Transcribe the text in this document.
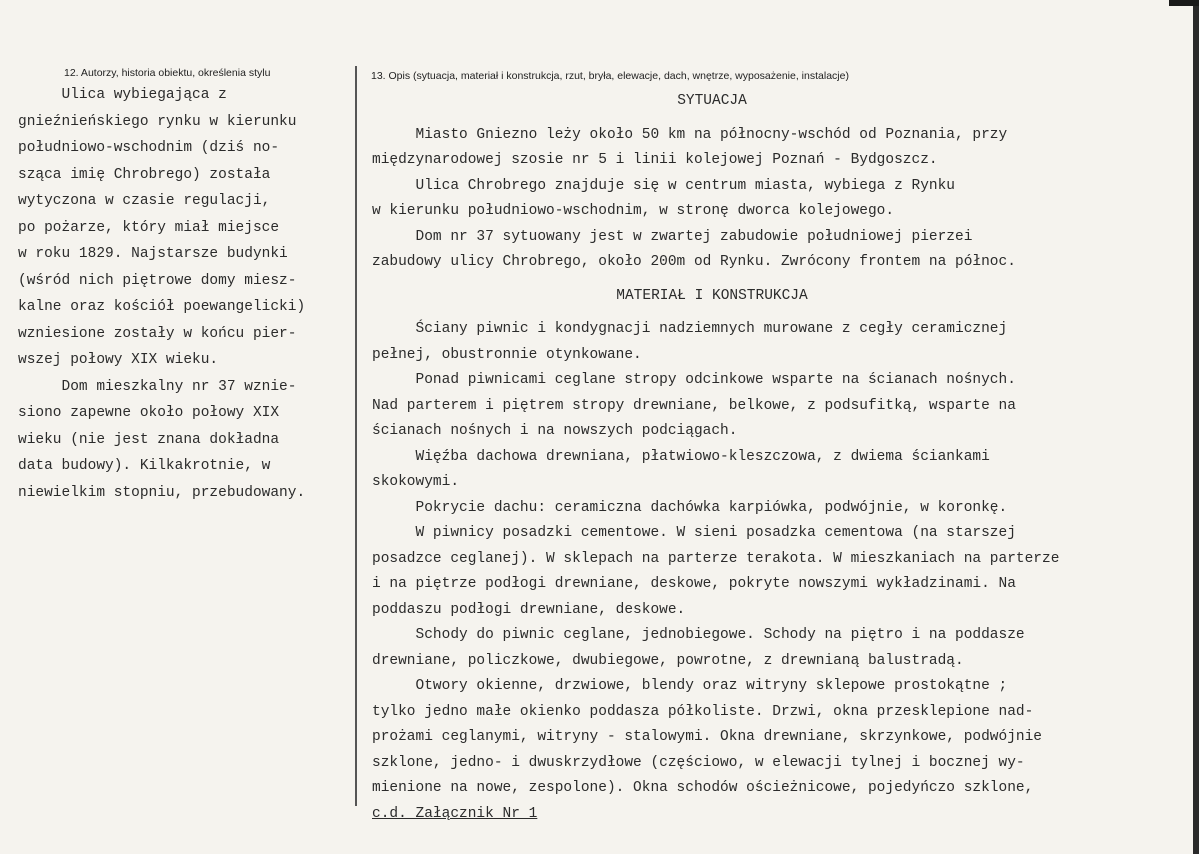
12. Autorzy, historia obiektu, określenia stylu	13. Opis (sytuacja, materiał i konstrukcja, rzut, bryła, elewacje, dach, wnętrze, wyposażenie, instalacje)
Ulica wybiegająca z
gnieźnieńskiego rynku w kierunku
południowo-wschodnim (dziś no-
sząca imię Chrobrego) została
wytyczona w czasie regulacji,
po pożarze, który miał miejsce
w roku 1829. Najstarsze budynki
(wśród nich piętrowe domy miesz-
kalne oraz kościół poewangelicki)
wzniesione zostały w końcu pier-
wszej połowy XIX wieku.
Dom mieszkalny nr 37 wznie-
siono zapewne około połowy XIX
wieku (nie jest znana dokładna
data budowy). Kilkakrotnie, w
niewielkim stopniu, przebudowany.
SYTUACJA
Miasto Gniezno leży około 50 km na północny-wschód od Poznania, przy
międzynarodowej szosie nr 5 i linii kolejowej Poznań - Bydgoszcz.
Ulica Chrobrego znajduje się w centrum miasta, wybiega z Rynku
w kierunku południowo-wschodnim, w stronę dworca kolejowego.
Dom nr 37 sytuowany jest w zwartej zabudowie południowej pierzei
zabudowy ulicy Chrobrego, około 200m od Rynku. Zwrócony frontem na północ.
MATERIAŁ I KONSTRUKCJA
Ściany piwnic i kondygnacji nadziemnych murowane z cegły ceramicznej
pełnej, obustronnie otynkowane.
Ponad piwnicami ceglane stropy odcinkowe wsparte na ścianach nośnych.
Nad parterem i piętrem stropy drewniane, belkowe, z podsufitką, wsparte na
ścianach nośnych i na nowszych podciągach.
Więźba dachowa drewniana, płatwiowo-kleszczowa, z dwiema ściankami
skokowymi.
Pokrycie dachu: ceramiczna dachówka karpiówka, podwójnie, w koronkę.
W piwnicy posadzki cementowe. W sieni posadzka cementowa (na starszej
posadzce ceglanej). W sklepach na parterze terakota. W mieszkaniach na parterze
i na piętrze podłogi drewniane, deskowe, pokryte nowszymi wykładzinami. Na
poddaszu podłogi drewniane, deskowe.
Schody do piwnic ceglane, jednobiegowe. Schody na piętro i na poddasze
drewniane, policzkowe, dwubiegowe, powrotne, z drewnianą balustradą.
Otwory okienne, drzwiowe, blendy oraz witryny sklepowe prostokątne ;
tylko jedno małe okienko poddasza półkoliste. Drzwi, okna przesklepione nad-
prożami ceglanymi, witryny - stalowymi. Okna drewniane, skrzynkowe, podwójnie
szklone, jedno- i dwuskrzydłowe (częściowo, w elewacji tylnej i bocznej wy-
mienione na nowe, zespolone). Okna schodów ościeżnicowe, pojedyńczo szklone,
c.d. Załącznik Nr 1
